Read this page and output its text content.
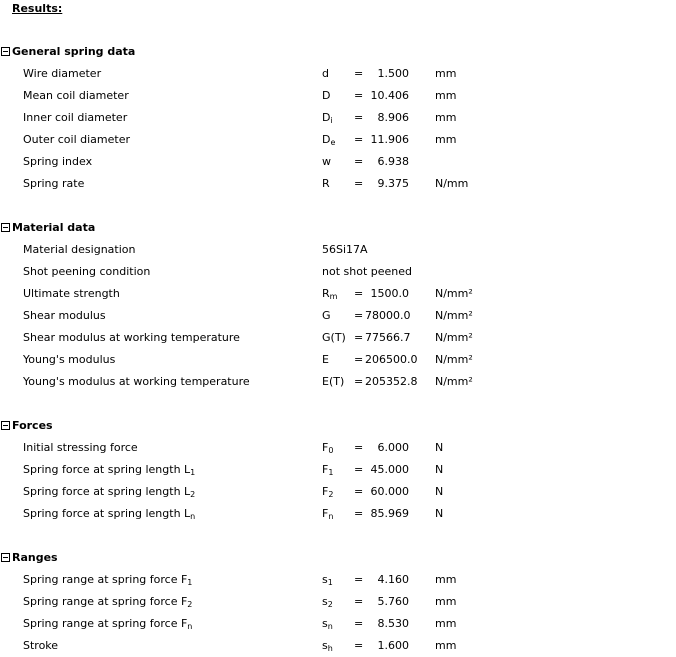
Results:
General spring data
Wire diameter	d =	1.500 mm
Mean coil diameter	D = 10.406 mm
Inner coil diameter	$D_i$ =	8.906 mm
Outer coil diameter	$D_e = 11.906$ mm
Spring index	w =	6.938
Spring rate	R =	9.375 N/mm
Material data
Material designation	56Si17A
Shot peening condition	not shot peened
Ultimate strength	$R_m = 1500.0$ N/mm²
Shear modulus	G = 78000.0 N/mm²
Shear modulus at working temperature	G(T) = 77566.7 N/mm²
Young's modulus	E = 206500.0 N/mm²
Young's modulus at working temperature	E(T) = 205352.8 N/mm²
Forces
Initial stressing force	$F_0$ =	6.000 N
Spring force at spring length $L_1$	$F_1 = 45.000$ N
Spring force at spring length $L_2$	$F_2 = 60.000$ N
Spring force at spring length $L_n$	$F_n = 85.969$ N
Ranges
Spring range at spring force $F_1$	$s_1$ =	4.160 mm
Spring range at spring force $F_2$	$s_2$ =	5.760 mm
Spring range at spring force $F_n$	$s_n$ =	8.530 mm
Stroke	$s_h$ =	1.600 mm
